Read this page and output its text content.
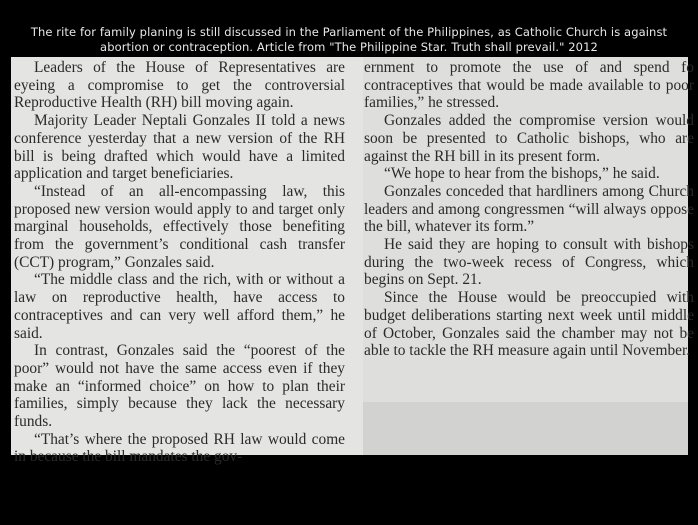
The rite for family planing is still discussed in the Parliament of the Philippines, as Catholic Church is against
abortion or contraception. Article from "The Philippine Star. Truth shall prevail." 2012

Leaders of the House of Representatives are eyeing a compromise to get the controversial Reproductive Health (RH) bill moving again.

Majority Leader Neptali Gonzales II told a news conference yesterday that a new version of the RH bill is being drafted which would have a limited application and target beneficiaries.

“Instead of an all-encompassing law, this proposed new version would apply to and target only marginal households, effectively those benefiting from the government’s conditional cash transfer (CCT) program,” Gonzales said.

“The middle class and the rich, with or without a law on reproductive health, have access to contraceptives and can very well afford them,” he said.

In contrast, Gonzales said the “poorest of the poor” would not have the same access even if they make an “informed choice” on how to plan their families, simply because they lack the necessary funds.

“That’s where the proposed RH law would come in because the bill mandates the gov-

ernment to promote the use of and spend fo contraceptives that would be made available to poor families,” he stressed.

Gonzales added the compromise version would soon be presented to Catholic bishops, who are against the RH bill in its present form.

“We hope to hear from the bishops,” he said.

Gonzales conceded that hardliners among Church leaders and among congressmen “will always oppose the bill, whatever its form.”

He said they are hoping to consult with bishops during the two-week recess of Congress, which begins on Sept. 21.

Since the House would be preoccupied with budget deliberations starting next week until middle of October, Gonzales said the chamber may not be able to tackle the RH measure again until November.
